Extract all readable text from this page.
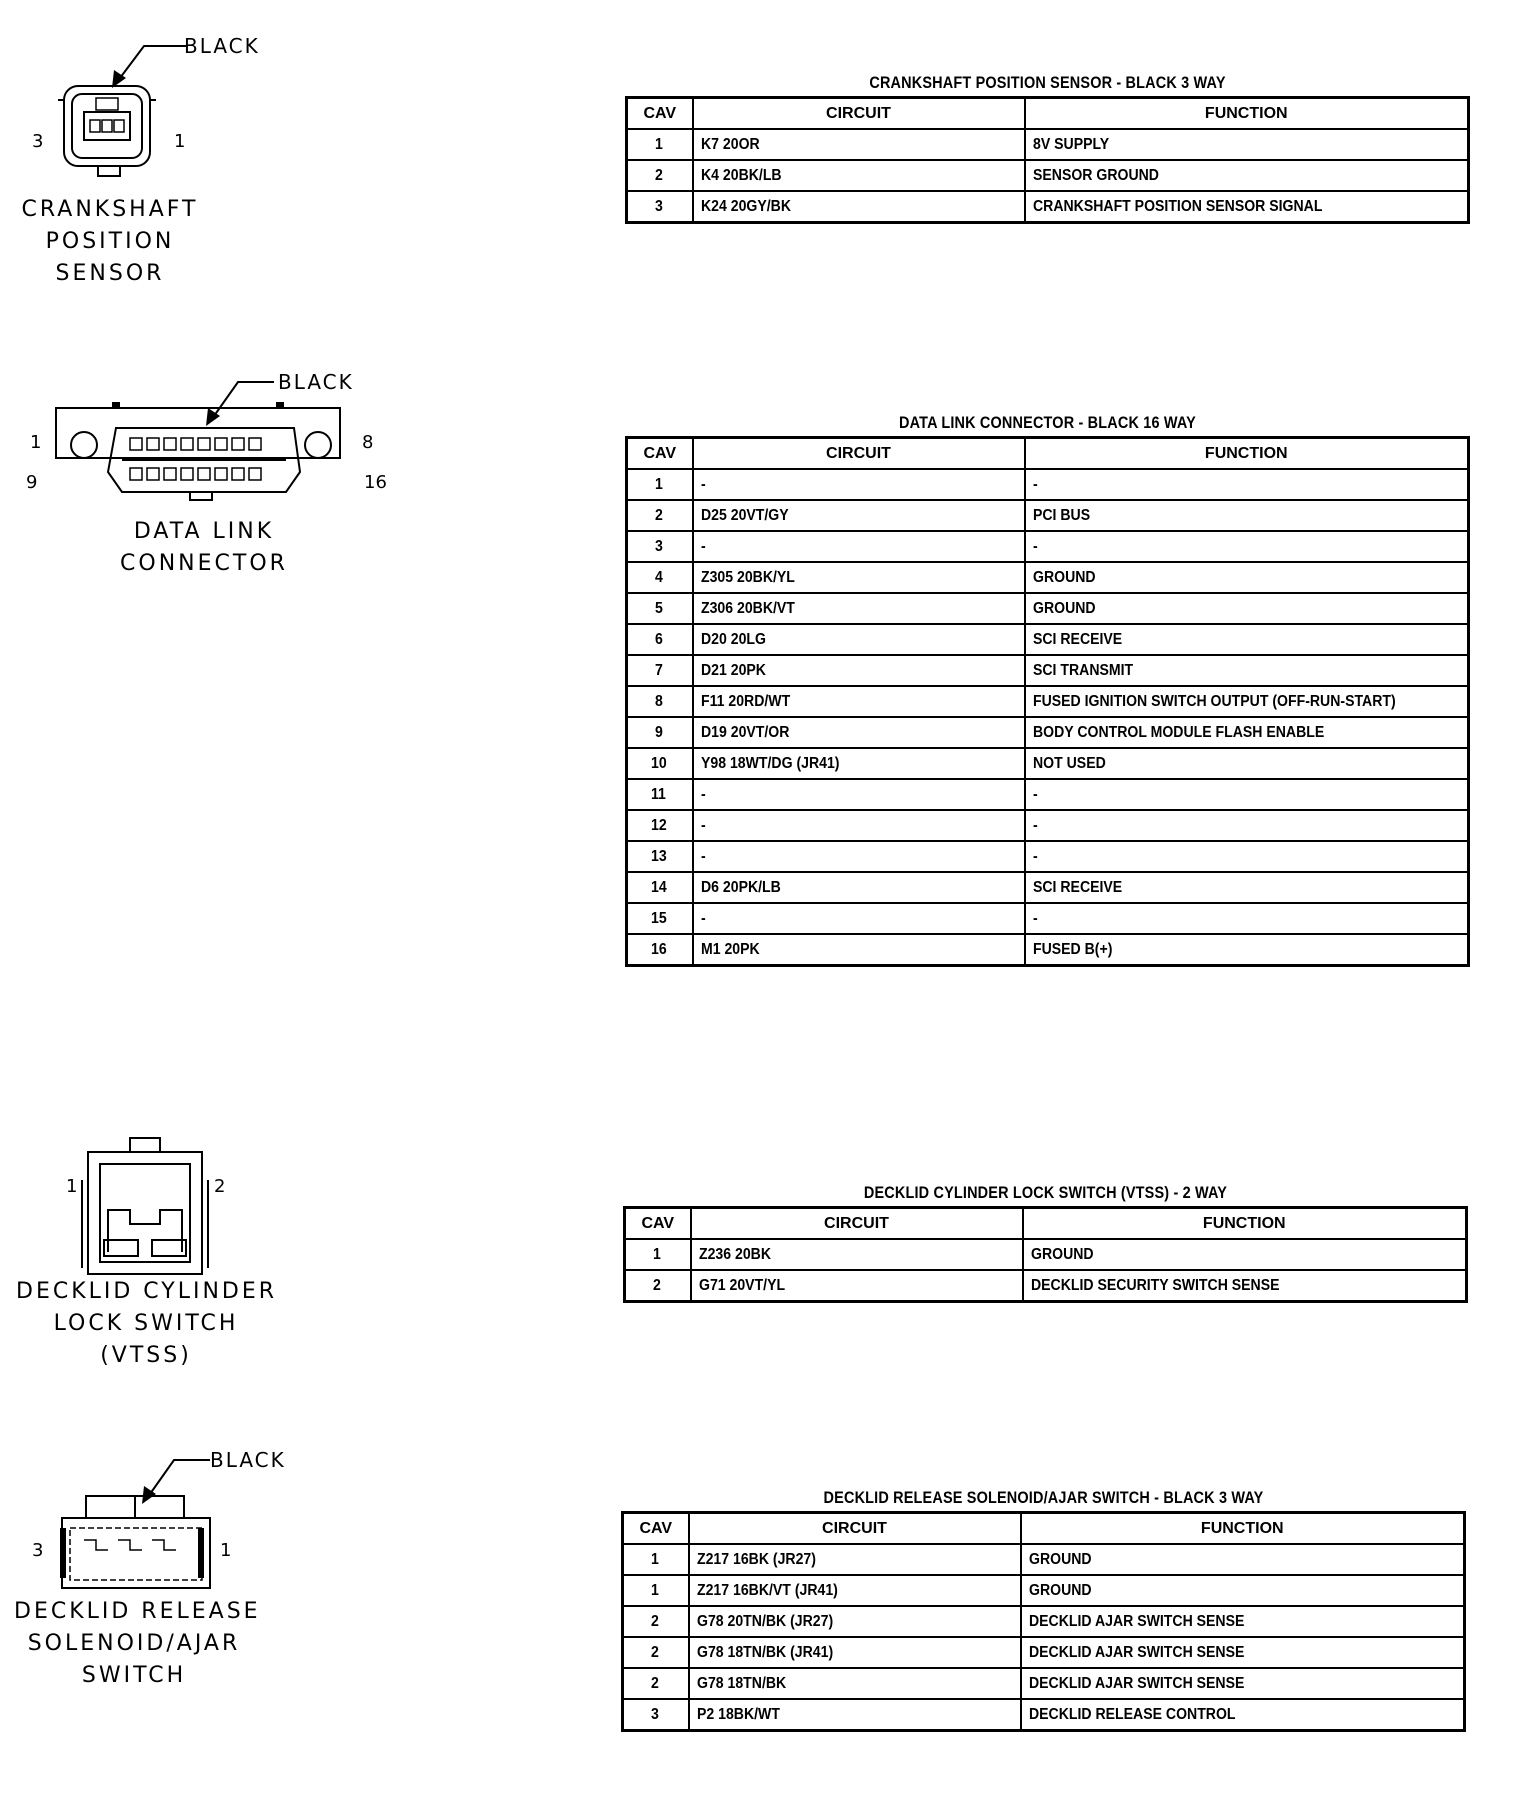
BLACK
3	1
CRANKSHAFT
POSITION
SENSOR
BLACK
1	8
9	16
DATA LINK
CONNECTOR
1	2
DECKLID CYLINDER
LOCK SWITCH
(VTSS)
BLACK
3	1
DECKLID RELEASE
SOLENOID/AJAR
SWITCH
CRANKSHAFT POSITION SENSOR - BLACK 3 WAY
CAV	CIRCUIT	FUNCTION
1	K7 20OR	8V SUPPLY
2	K4 20BK/LB	SENSOR GROUND
3	K24 20GY/BK	CRANKSHAFT POSITION SENSOR SIGNAL
DATA LINK CONNECTOR - BLACK 16 WAY
CAV	CIRCUIT	FUNCTION
1	-	-
2	D25 20VT/GY	PCI BUS
3	-	-
4	Z305 20BK/YL	GROUND
5	Z306 20BK/VT	GROUND
6	D20 20LG	SCI RECEIVE
7	D21 20PK	SCI TRANSMIT
8	F11 20RD/WT	FUSED IGNITION SWITCH OUTPUT (OFF-RUN-START)
9	D19 20VT/OR	BODY CONTROL MODULE FLASH ENABLE
10	Y98 18WT/DG (JR41)	NOT USED
11	-	-
12	-	-
13	-	-
14	D6 20PK/LB	SCI RECEIVE
15	-	-
16	M1 20PK	FUSED B(+)
DECKLID CYLINDER LOCK SWITCH (VTSS) - 2 WAY
CAV	CIRCUIT	FUNCTION
1	Z236 20BK	GROUND
2	G71 20VT/YL	DECKLID SECURITY SWITCH SENSE
DECKLID RELEASE SOLENOID/AJAR SWITCH - BLACK 3 WAY
CAV	CIRCUIT	FUNCTION
1	Z217 16BK (JR27)	GROUND
1	Z217 16BK/VT (JR41)	GROUND
2	G78 20TN/BK (JR27)	DECKLID AJAR SWITCH SENSE
2	G78 18TN/BK (JR41)	DECKLID AJAR SWITCH SENSE
2	G78 18TN/BK	DECKLID AJAR SWITCH SENSE
3	P2 18BK/WT	DECKLID RELEASE CONTROL
